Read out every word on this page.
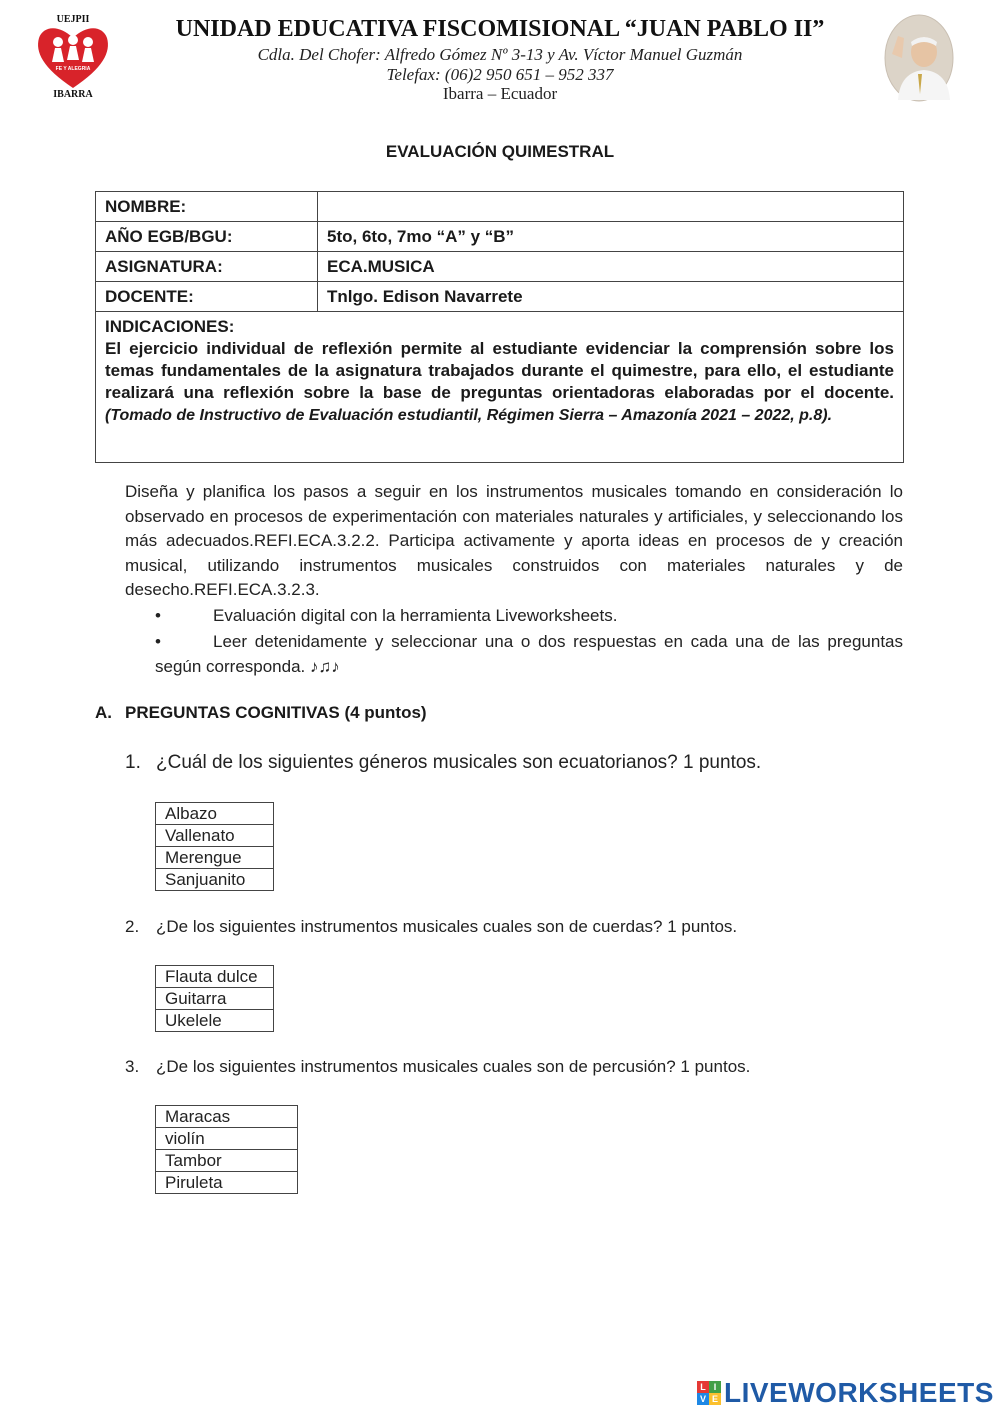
UEJPII
FE Y ALEGRIA
IBARRA
UNIDAD EDUCATIVA FISCOMISIONAL “JUAN PABLO II”
Cdla. Del Chofer: Alfredo Gómez Nº 3-13 y Av. Víctor Manuel Guzmán
Telefax: (06)2 950 651 – 952 337
Ibarra – Ecuador
EVALUACIÓN QUIMESTRAL
NOMBRE:	
AÑO EGB/BGU:	5to, 6to, 7mo “A” y “B”
ASIGNATURA:	ECA.MUSICA
DOCENTE:	Tnlgo. Edison Navarrete

INDICACIONES:
El ejercicio individual de reflexión permite al estudiante evidenciar la comprensión sobre los temas fundamentales de la asignatura trabajados durante el quimestre, para ello, el estudiante realizará una reflexión sobre la base de preguntas orientadoras elaboradas por el docente. (Tomado de Instructivo de Evaluación estudiantil, Régimen Sierra – Amazonía 2021 – 2022, p.8).	
Diseña y planifica los pasos a seguir en los instrumentos musicales tomando en consideración lo observado en procesos de experimentación con materiales naturales y artificiales, y seleccionando los más adecuados.REFI.ECA.3.2.2. Participa activamente y aporta ideas en procesos de y creación musical, utilizando instrumentos musicales construidos con materiales naturales y de desecho.REFI.ECA.3.2.3.
•	Evaluación digital con la herramienta Liveworksheets.
•	Leer detenidamente y seleccionar una o dos respuestas en cada una de las preguntas según corresponda. ♪♫♪
A. PREGUNTAS COGNITIVAS (4 puntos)
1. ¿Cuál de los siguientes géneros musicales son ecuatorianos? 1 puntos.
Albazo
Vallenato
Merengue
Sanjuanito
2. ¿De los siguientes instrumentos musicales cuales son de cuerdas? 1 puntos.
Flauta dulce
Guitarra
Ukelele
3. ¿De los siguientes instrumentos musicales cuales son de percusión? 1 puntos.
Maracas
violín
Tambor
Piruleta
L I
V E LIVEWORKSHEETS
